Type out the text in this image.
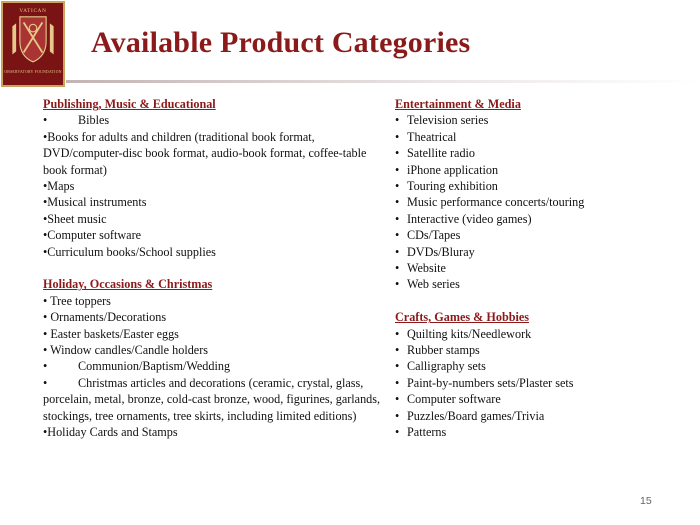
VATICAN
OBSERVATORY FOUNDATION
Available Product Categories
Publishing, Music & Educational
•	Bibles
•Books for adults and children (traditional book format, DVD/computer-disc book format, audio-book format, coffee-table book format)
•Maps
•Musical instruments
•Sheet music
•Computer software
•Curriculum books/School supplies
Holiday, Occasions & Christmas
• Tree toppers
• Ornaments/Decorations
• Easter baskets/Easter eggs
• Window candles/Candle holders
•	Communion/Baptism/Wedding
•	Christmas articles and decorations (ceramic, crystal, glass, porcelain, metal, bronze, cold-cast bronze, wood, figurines, garlands, stockings, tree ornaments, tree skirts, including limited editions)
•Holiday Cards and Stamps
Entertainment & Media
• Television series
• Theatrical
• Satellite radio
• iPhone application
• Touring exhibition
• Music performance concerts/touring
• Interactive (video games)
• CDs/Tapes
• DVDs/Bluray
• Website
• Web series
Crafts, Games & Hobbies
• Quilting kits/Needlework
• Rubber stamps
• Calligraphy sets
• Paint-by-numbers sets/Plaster sets
• Computer software
• Puzzles/Board games/Trivia
• Patterns
15
